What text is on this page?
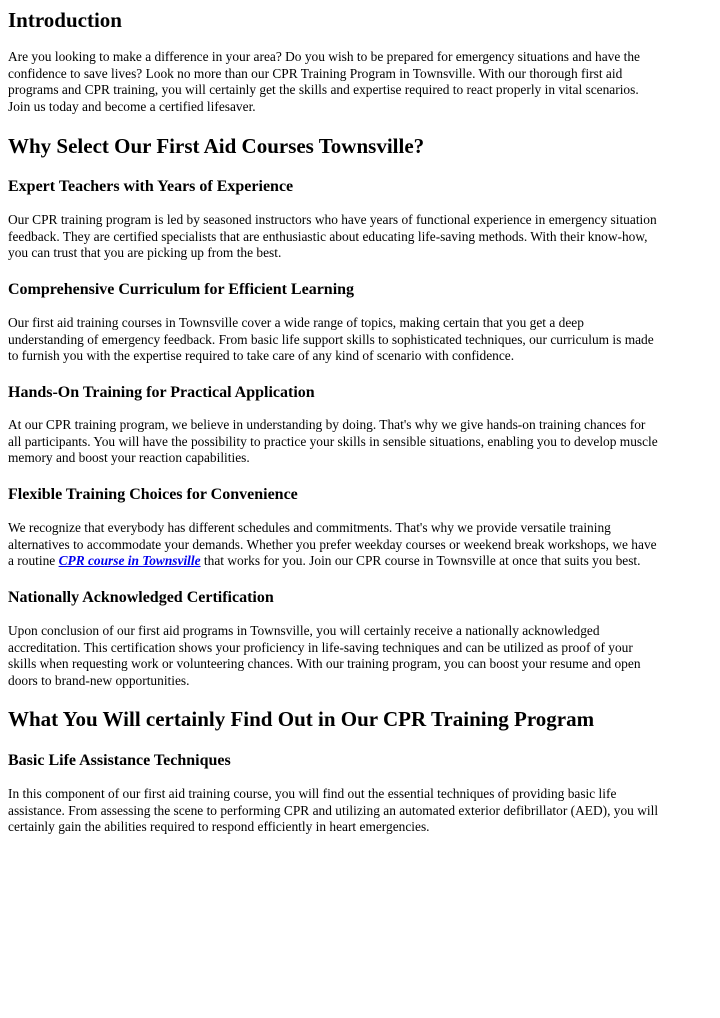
Introduction

Are you looking to make a difference in your area? Do you wish to be prepared for emergency situations and have the
confidence to save lives? Look no more than our CPR Training Program in Townsville. With our thorough first aid
programs and CPR training, you will certainly get the skills and expertise required to react properly in vital scenarios.
Join us today and become a certified lifesaver.

Why Select Our First Aid Courses Townsville?
Expert Teachers with Years of Experience

Our CPR training program is led by seasoned instructors who have years of functional experience in emergency situation
feedback. They are certified specialists that are enthusiastic about educating life-saving methods. With their know-how,
you can trust that you are picking up from the best.

Comprehensive Curriculum for Efficient Learning

Our first aid training courses in Townsville cover a wide range of topics, making certain that you get a deep
understanding of emergency feedback. From basic life support skills to sophisticated techniques, our curriculum is made
to furnish you with the expertise required to take care of any kind of scenario with confidence.

Hands-On Training for Practical Application

At our CPR training program, we believe in understanding by doing. That's why we give hands-on training chances for
all participants. You will have the possibility to practice your skills in sensible situations, enabling you to develop muscle
memory and boost your reaction capabilities.

Flexible Training Choices for Convenience

We recognize that everybody has different schedules and commitments. That's why we provide versatile training
alternatives to accommodate your demands. Whether you prefer weekday courses or weekend break workshops, we have
a routine CPR course in Townsville that works for you. Join our CPR course in Townsville at once that suits you best.

Nationally Acknowledged Certification

Upon conclusion of our first aid programs in Townsville, you will certainly receive a nationally acknowledged
accreditation. This certification shows your proficiency in life-saving techniques and can be utilized as proof of your
skills when requesting work or volunteering chances. With our training program, you can boost your resume and open
doors to brand-new opportunities.

What You Will certainly Find Out in Our CPR Training Program
Basic Life Assistance Techniques

In this component of our first aid training course, you will find out the essential techniques of providing basic life
assistance. From assessing the scene to performing CPR and utilizing an automated exterior defibrillator (AED), you will
certainly gain the abilities required to respond efficiently in heart emergencies.
